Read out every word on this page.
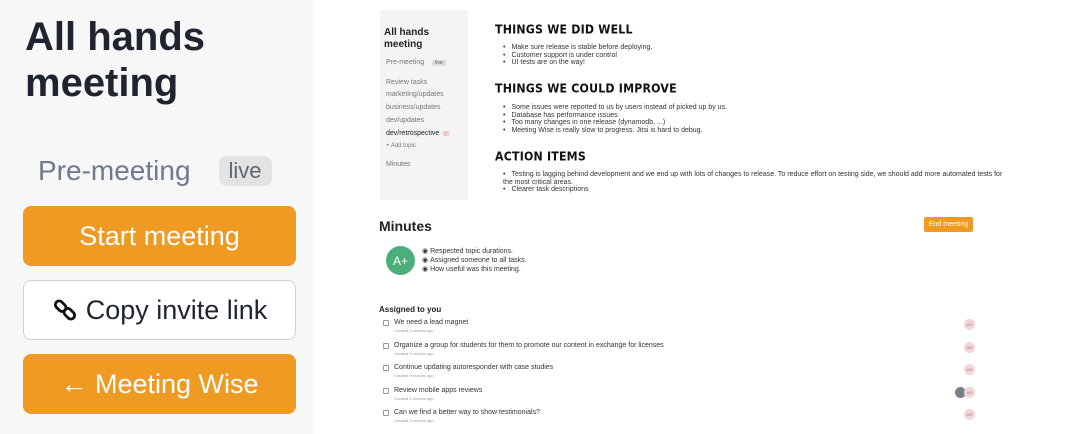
All hands meeting
Pre-meeting	live
Start meeting
Copy invite link
← Meeting Wise
All hands meeting
Pre-meeting	live
Review tasks
marketing/updates
business/updates
dev/updates
dev/retrospective
+ Add topic
Minutes
THINGS WE DID WELL
• Make sure release is stable before deploying.
• Customer support is under control
• UI tests are on the way!
THINGS WE COULD IMPROVE
• Some issues were reported to us by users instead of picked up by us.
• Database has performance issues
• Too many changes in one release (dynamodb, ...)
• Meeting Wise is really slow to progress. Jitsi is hard to debug.
ACTION ITEMS
• Testing is lagging behind development and we end up with lots of changes to release. To reduce effort on testing side, we should add more automated tests for the most critical areas.
• Clearer task descriptions
Minutes	End meeting
A+
◉ Respected topic durations.
◉ Assigned someone to all tasks.
◉ How useful was this meeting.
Assigned to you
We need a lead magnet
Created 9 months ago
AR
Organize a group for students for them to promote our content in exchange for licenses
Created 9 months ago
AR
Continue updating autoresponder with case studies
Created 9 months ago
AR
Review mobile apps reviews
Created 4 months ago
AR
Can we find a better way to show testimonials?
Created 3 months ago
AR
